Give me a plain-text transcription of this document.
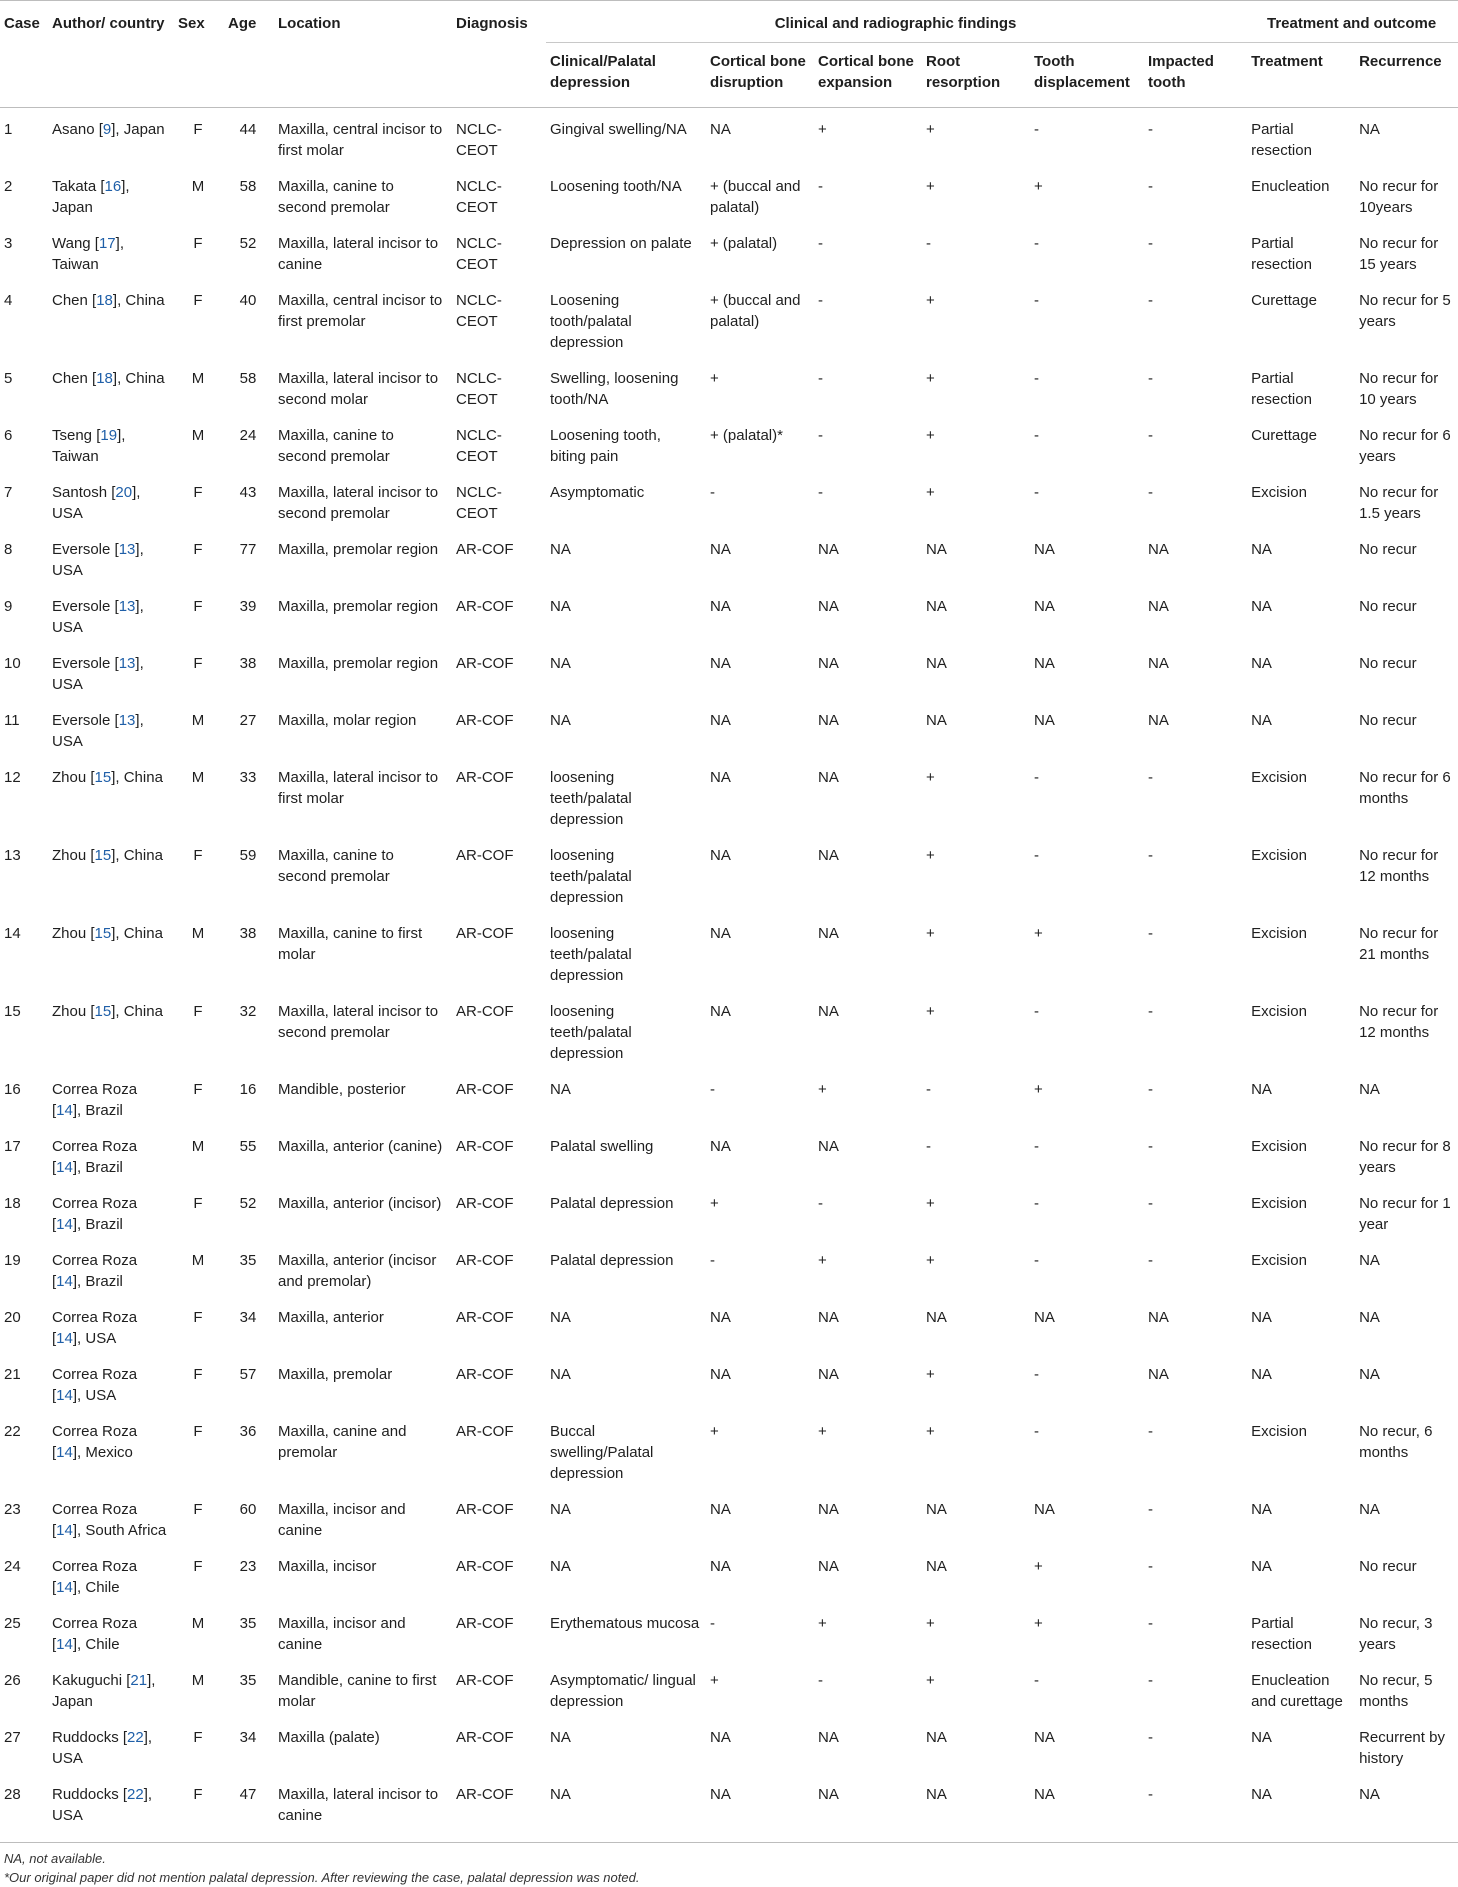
Case	Author/ country	Sex	Age	Location	Diagnosis	Clinical and radiographic findings						Treatment and outcome	
						Clinical/Palatal depression	Cortical bone disruption	Cortical bone expansion	Root resorption	Tooth displacement	Impacted tooth	Treatment	Recurrence
1	Asano [9], Japan	F	44	Maxilla, central incisor to first molar	NCLC-CEOT	Gingival swelling/NA	NA	+	+	-	-	Partial resection	NA
2	Takata [16], Japan	M	58	Maxilla, canine to second premolar	NCLC-CEOT	Loosening tooth/NA	+ (buccal and palatal)	-	+	+	-	Enucleation	No recur for 10years
3	Wang [17], Taiwan	F	52	Maxilla, lateral incisor to canine	NCLC-CEOT	Depression on palate	+ (palatal)	-	-	-	-	Partial resection	No recur for 15 years
4	Chen [18], China	F	40	Maxilla, central incisor to first premolar	NCLC-CEOT	Loosening tooth/palatal depression	+ (buccal and palatal)	-	+	-	-	Curettage	No recur for 5 years
5	Chen [18], China	M	58	Maxilla, lateral incisor to second molar	NCLC-CEOT	Swelling, loosening tooth/NA	+	-	+	-	-	Partial resection	No recur for 10 years
6	Tseng [19], Taiwan	M	24	Maxilla, canine to second premolar	NCLC-CEOT	Loosening tooth, biting pain	+ (palatal)*	-	+	-	-	Curettage	No recur for 6 years
7	Santosh [20], USA	F	43	Maxilla, lateral incisor to second premolar	NCLC-CEOT	Asymptomatic	-	-	+	-	-	Excision	No recur for 1.5 years
8	Eversole [13], USA	F	77	Maxilla, premolar region	AR-COF	NA	NA	NA	NA	NA	NA	NA	No recur
9	Eversole [13], USA	F	39	Maxilla, premolar region	AR-COF	NA	NA	NA	NA	NA	NA	NA	No recur
10	Eversole [13], USA	F	38	Maxilla, premolar region	AR-COF	NA	NA	NA	NA	NA	NA	NA	No recur
11	Eversole [13], USA	M	27	Maxilla, molar region	AR-COF	NA	NA	NA	NA	NA	NA	NA	No recur
12	Zhou [15], China	M	33	Maxilla, lateral incisor to first molar	AR-COF	loosening teeth/palatal depression	NA	NA	+	-	-	Excision	No recur for 6 months
13	Zhou [15], China	F	59	Maxilla, canine to second premolar	AR-COF	loosening teeth/palatal depression	NA	NA	+	-	-	Excision	No recur for 12 months
14	Zhou [15], China	M	38	Maxilla, canine to first molar	AR-COF	loosening teeth/palatal depression	NA	NA	+	+	-	Excision	No recur for 21 months
15	Zhou [15], China	F	32	Maxilla, lateral incisor to second premolar	AR-COF	loosening teeth/palatal depression	NA	NA	+	-	-	Excision	No recur for 12 months
16	Correa Roza [14], Brazil	F	16	Mandible, posterior	AR-COF	NA	-	+	-	+	-	NA	NA
17	Correa Roza [14], Brazil	M	55	Maxilla, anterior (canine)	AR-COF	Palatal swelling	NA	NA	-	-	-	Excision	No recur for 8 years
18	Correa Roza [14], Brazil	F	52	Maxilla, anterior (incisor)	AR-COF	Palatal depression	+	-	+	-	-	Excision	No recur for 1 year
19	Correa Roza [14], Brazil	M	35	Maxilla, anterior (incisor and premolar)	AR-COF	Palatal depression	-	+	+	-	-	Excision	NA
20	Correa Roza [14], USA	F	34	Maxilla, anterior	AR-COF	NA	NA	NA	NA	NA	NA	NA	NA
21	Correa Roza [14], USA	F	57	Maxilla, premolar	AR-COF	NA	NA	NA	+	-	NA	NA	NA
22	Correa Roza [14], Mexico	F	36	Maxilla, canine and premolar	AR-COF	Buccal swelling/Palatal depression	+	+	+	-	-	Excision	No recur, 6 months
23	Correa Roza [14], South Africa	F	60	Maxilla, incisor and canine	AR-COF	NA	NA	NA	NA	NA	-	NA	NA
24	Correa Roza [14], Chile	F	23	Maxilla, incisor	AR-COF	NA	NA	NA	NA	+	-	NA	No recur
25	Correa Roza [14], Chile	M	35	Maxilla, incisor and canine	AR-COF	Erythematous mucosa	-	+	+	+	-	Partial resection	No recur, 3 years
26	Kakuguchi [21], Japan	M	35	Mandible, canine to first molar	AR-COF	Asymptomatic/ lingual depression	+	-	+	-	-	Enucleation and curettage	No recur, 5 months
27	Ruddocks [22], USA	F	34	Maxilla (palate)	AR-COF	NA	NA	NA	NA	NA	-	NA	Recurrent by history
28	Ruddocks [22], USA	F	47	Maxilla, lateral incisor to canine	AR-COF	NA	NA	NA	NA	NA	-	NA	NA
NA, not available.
*Our original paper did not mention palatal depression. After reviewing the case, palatal depression was noted.
